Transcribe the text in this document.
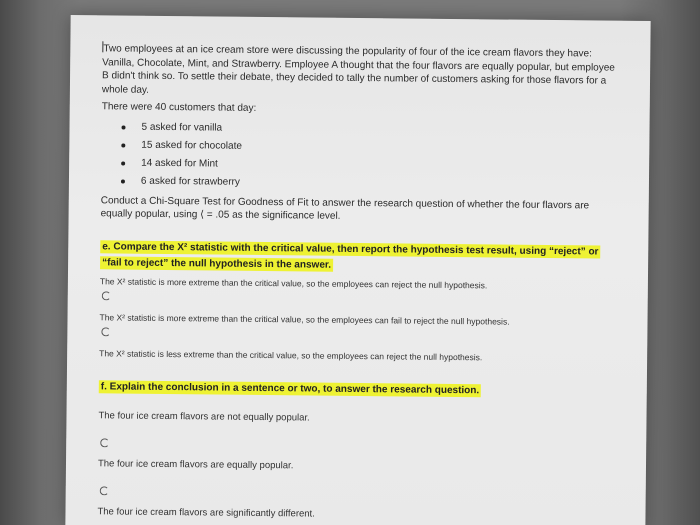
Two employees at an ice cream store were discussing the popularity of four of the ice cream flavors they have: Vanilla, Chocolate, Mint, and Strawberry. Employee A thought that the four flavors are equally popular, but employee B didn't think so. To settle their debate, they decided to tally the number of customers asking for those flavors for a whole day.

There were 40 customers that day:

5 asked for vanilla
15 asked for chocolate
14 asked for Mint
6 asked for strawberry

Conduct a Chi-Square Test for Goodness of Fit to answer the research question of whether the four flavors are equally popular, using ⟨ = .05 as the significance level.

e. Compare the X² statistic with the critical value, then report the hypothesis test result, using “reject” or “fail to reject” the null hypothesis in the answer.

The X² statistic is more extreme than the critical value, so the employees can reject the null hypothesis.

The X² statistic is more extreme than the critical value, so the employees can fail to reject the null hypothesis.

The X² statistic is less extreme than the critical value, so the employees can reject the null hypothesis.

f. Explain the conclusion in a sentence or two, to answer the research question.

The four ice cream flavors are not equally popular.

The four ice cream flavors are equally popular.

The four ice cream flavors are significantly different.
